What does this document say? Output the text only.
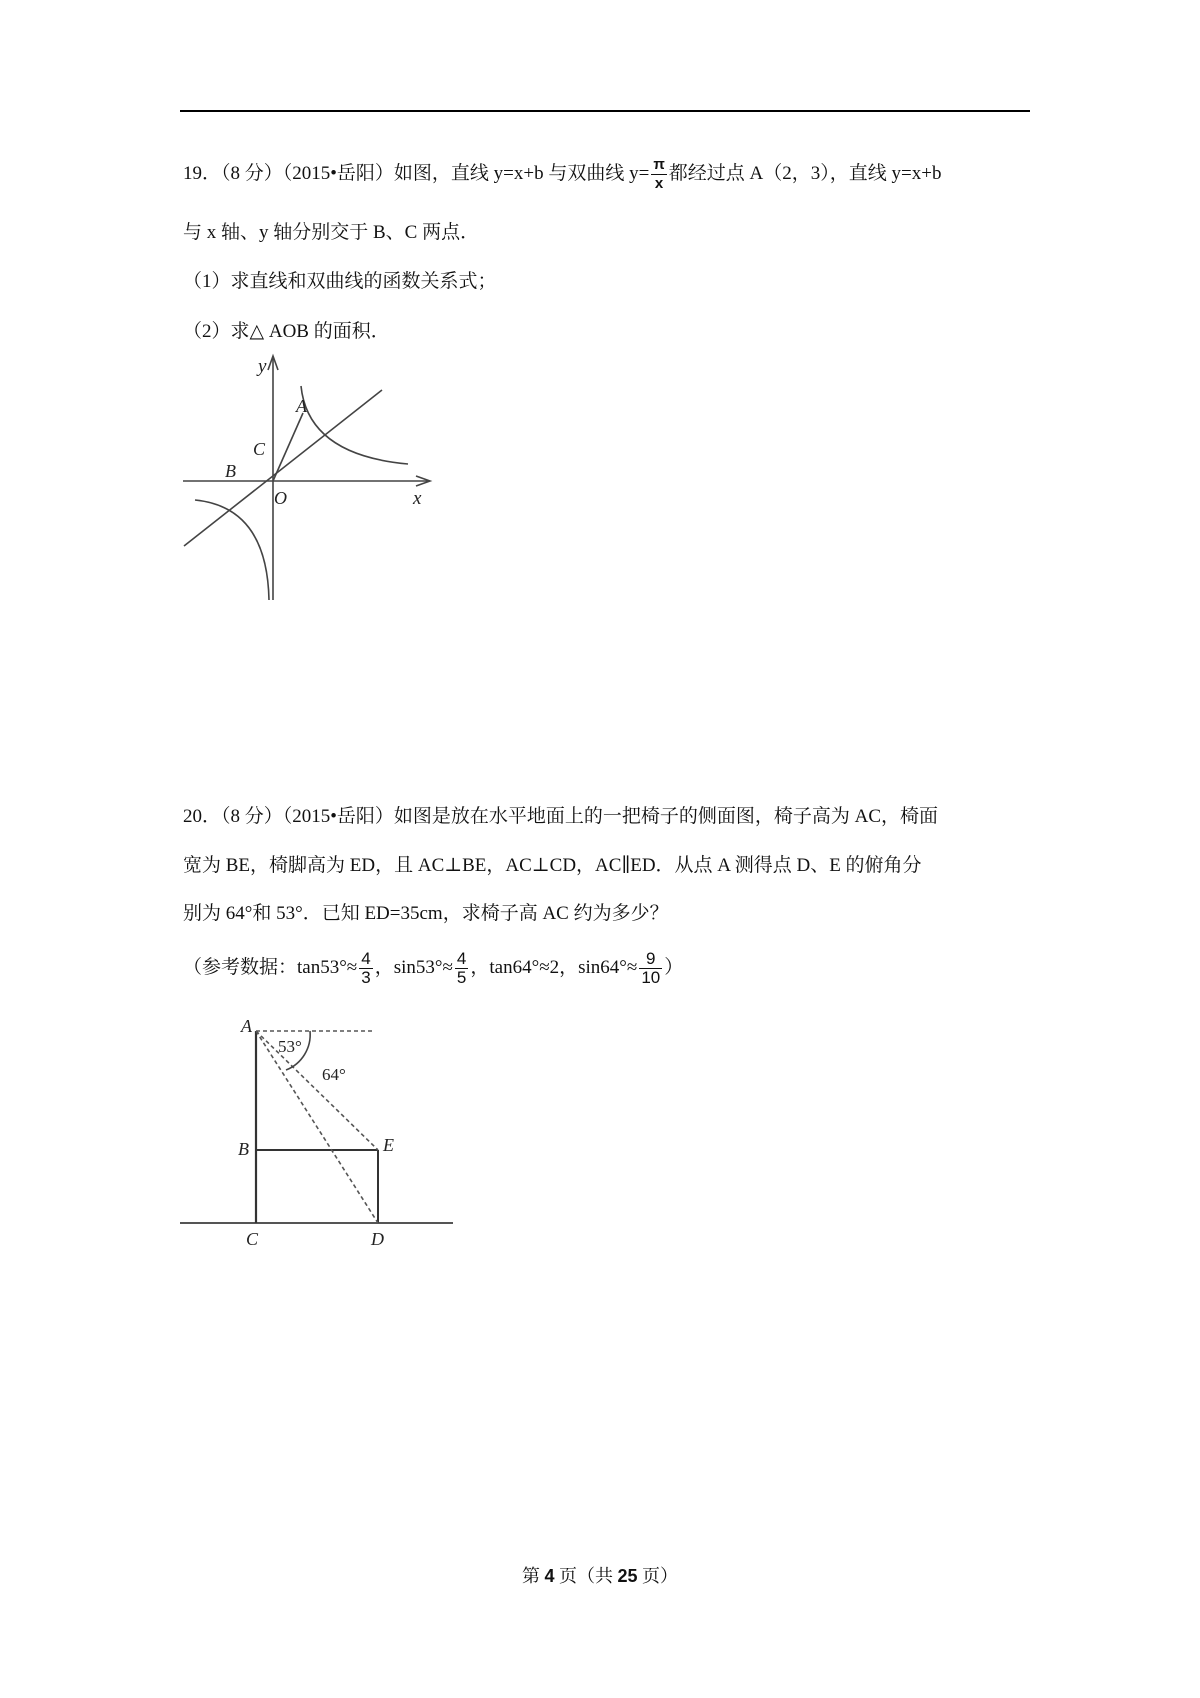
19．（8 分）（2015•岳阳）如图，直线 y=x+b 与双曲线 $y= \frac{\pi}{x}$ 都经过点 A（2，3），直线 y=x+b
与 x 轴、y 轴分别交于 B、C 两点．
（1）求直线和双曲线的函数关系式；
（2）求△ AOB 的面积．
y
A
C
B
O	x
20．（8 分）（2015•岳阳）如图是放在水平地面上的一把椅子的侧面图，椅子高为 AC，椅面
宽为 BE，椅脚高为 ED，且 AC⊥BE，AC⊥CD，AC∥ED．从点 A 测得点 D、E 的俯角分
别为 64°和 53°．已知 ED=35cm，求椅子高 AC 约为多少？
（参考数据：$\tan 53^\circ\approx \frac{4}{3}$ ，$\sin 53^\circ\approx \frac{4}{5}$ ，tan64°≈2，$\sin 64^\circ\approx \frac{9}{10}$ ）
A
53°
64°
B	E
C	D
第 4 页（共 25 页）
